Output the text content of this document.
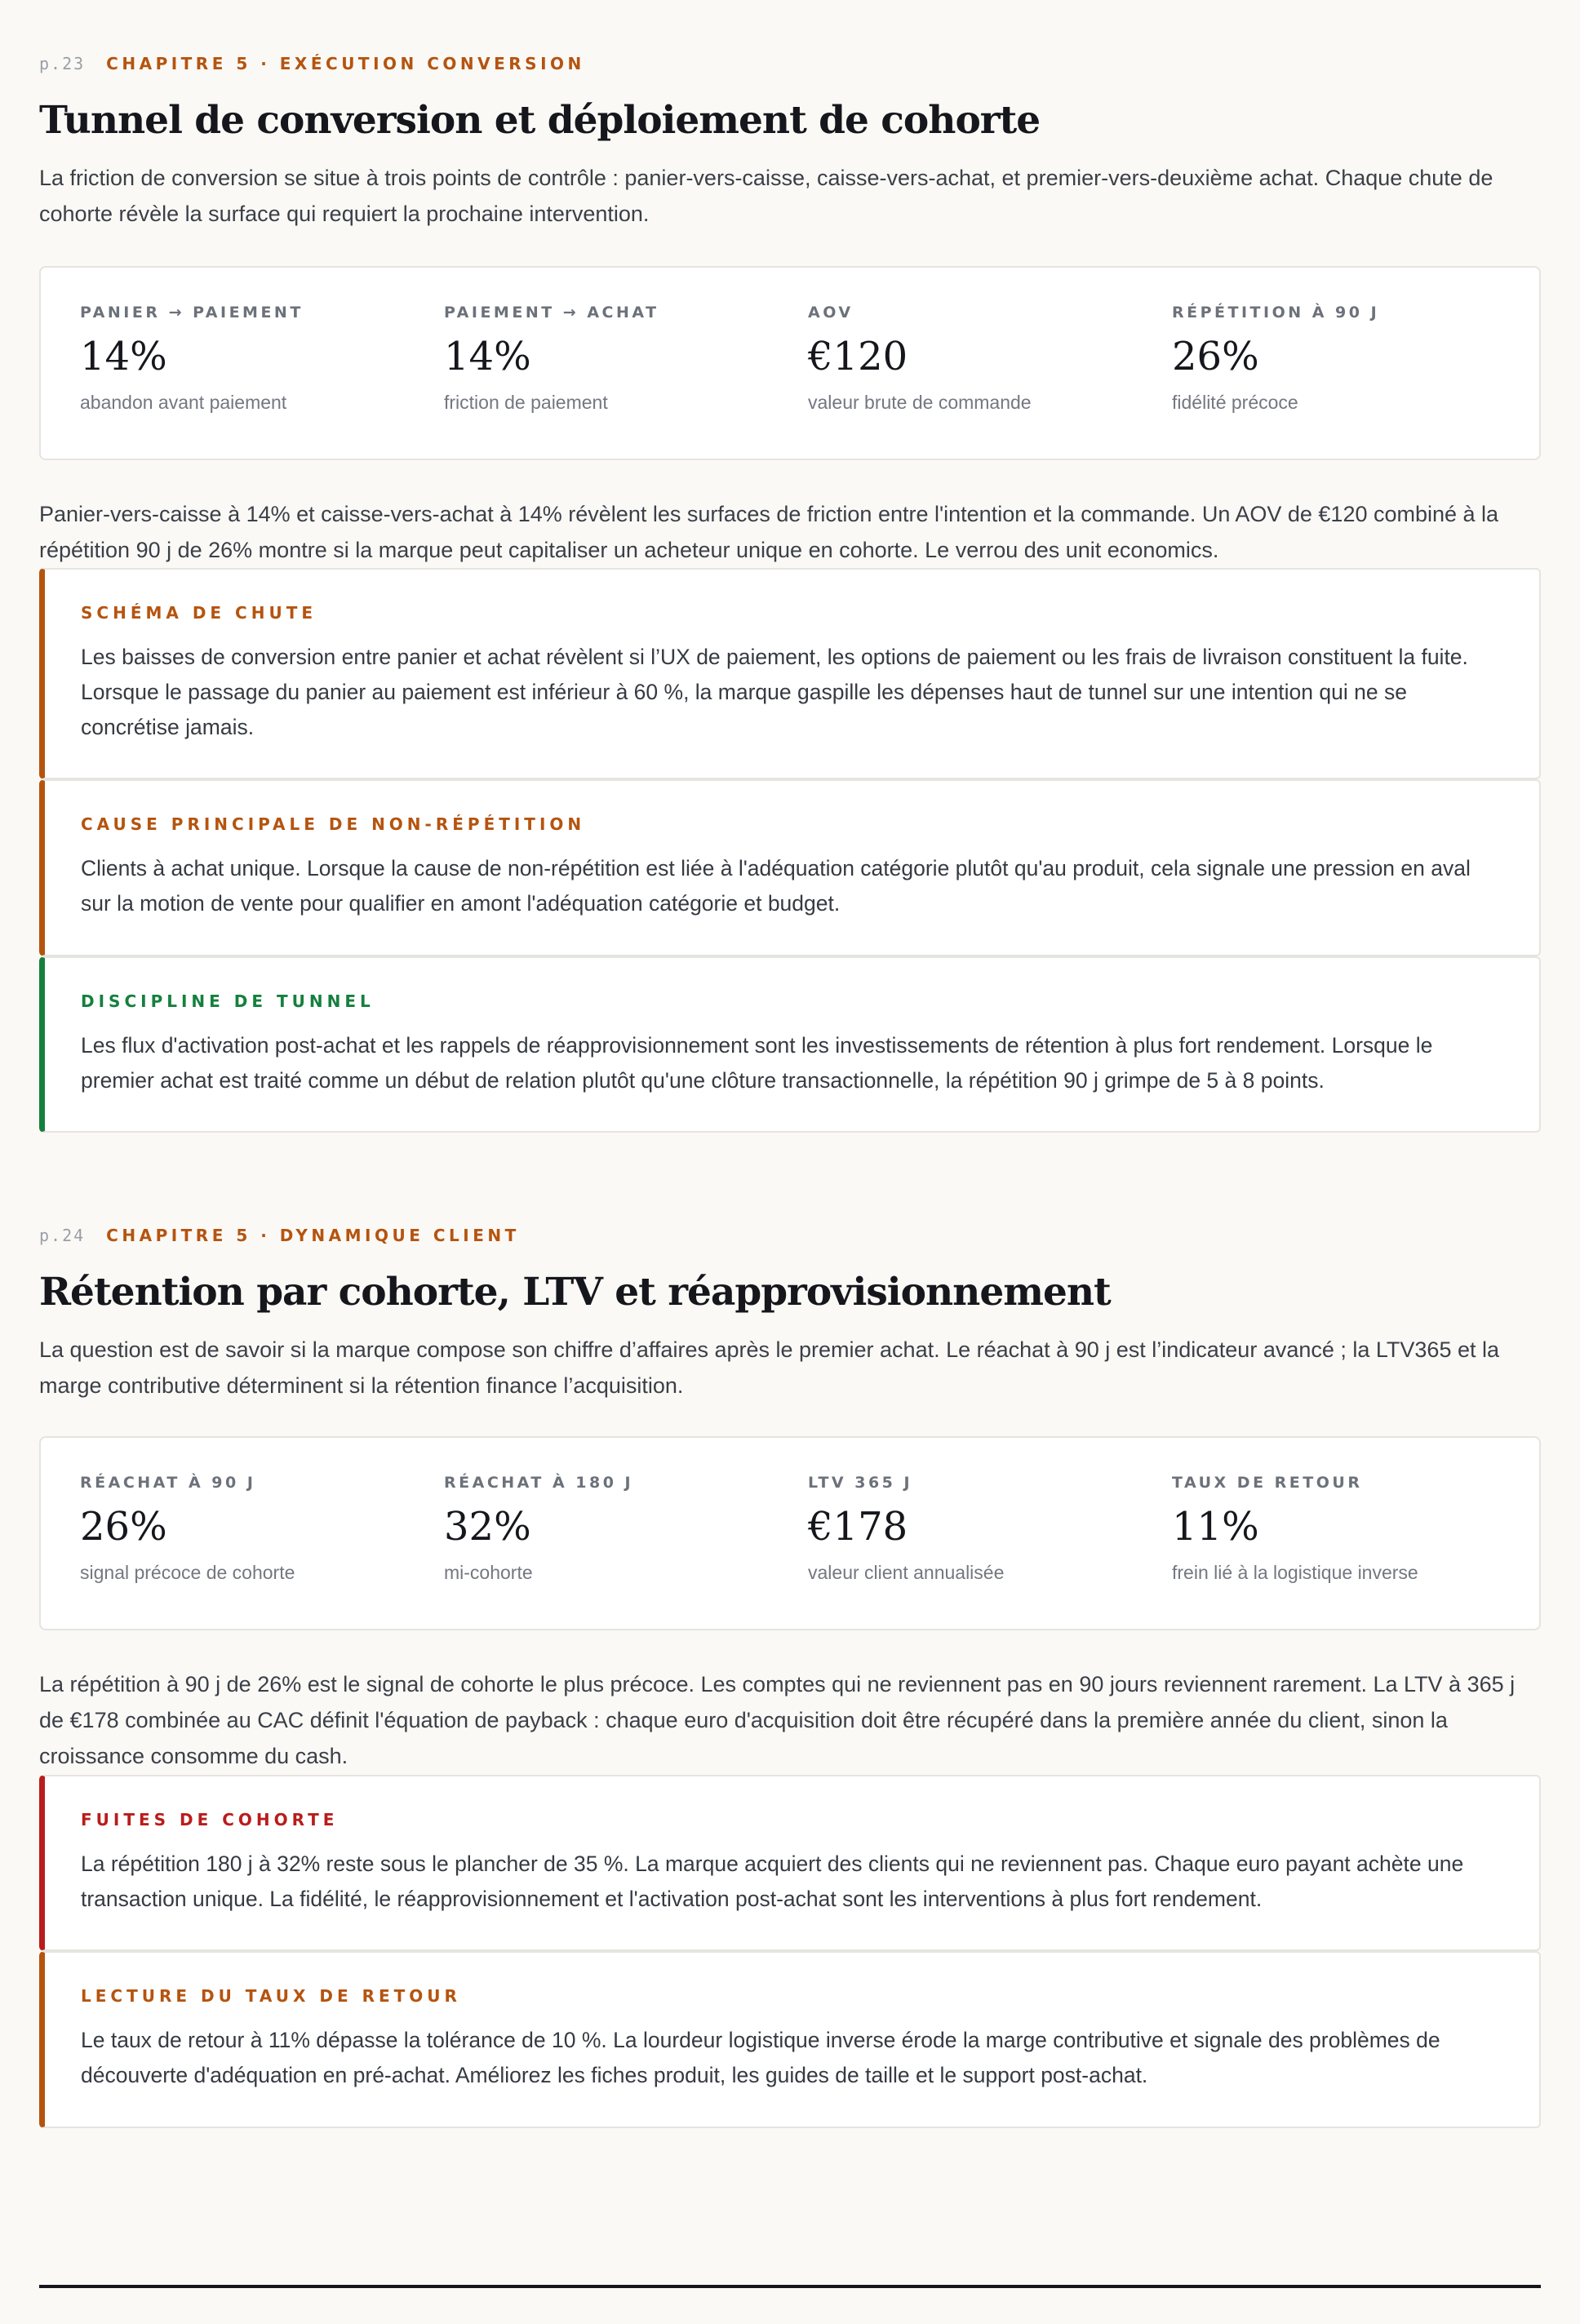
p.23 CHAPITRE 5 · EXÉCUTION CONVERSION
Tunnel de conversion et déploiement de cohorte

La friction de conversion se situe à trois points de contrôle : panier-vers-caisse, caisse-vers-achat, et premier-vers-deuxième achat. Chaque chute de cohorte révèle la surface qui requiert la prochaine intervention.

PANIER → PAIEMENT
14%
abandon avant paiement
PAIEMENT → ACHAT
14%
friction de paiement
AOV
€120
valeur brute de commande
RÉPÉTITION À 90 J
26%
fidélité précoce

Panier-vers-caisse à 14% et caisse-vers-achat à 14% révèlent les surfaces de friction entre l'intention et la commande. Un AOV de €120 combiné à la répétition 90 j de 26% montre si la marque peut capitaliser un acheteur unique en cohorte. Le verrou des unit economics.

SCHÉMA DE CHUTE
Les baisses de conversion entre panier et achat révèlent si l’UX de paiement, les options de paiement ou les frais de livraison constituent la fuite. Lorsque le passage du panier au paiement est inférieur à 60 %, la marque gaspille les dépenses haut de tunnel sur une intention qui ne se concrétise jamais.
CAUSE PRINCIPALE DE NON-RÉPÉTITION
Clients à achat unique. Lorsque la cause de non-répétition est liée à l'adéquation catégorie plutôt qu'au produit, cela signale une pression en aval sur la motion de vente pour qualifier en amont l'adéquation catégorie et budget.
DISCIPLINE DE TUNNEL
Les flux d'activation post-achat et les rappels de réapprovisionnement sont les investissements de rétention à plus fort rendement. Lorsque le premier achat est traité comme un début de relation plutôt qu'une clôture transactionnelle, la répétition 90 j grimpe de 5 à 8 points.
p.24 CHAPITRE 5 · DYNAMIQUE CLIENT
Rétention par cohorte, LTV et réapprovisionnement

La question est de savoir si la marque compose son chiffre d’affaires après le premier achat. Le réachat à 90 j est l’indicateur avancé ; la LTV365 et la marge contributive déterminent si la rétention finance l’acquisition.

RÉACHAT À 90 J
26%
signal précoce de cohorte
RÉACHAT À 180 J
32%
mi-cohorte
LTV 365 J
€178
valeur client annualisée
TAUX DE RETOUR
11%
frein lié à la logistique inverse

La répétition à 90 j de 26% est le signal de cohorte le plus précoce. Les comptes qui ne reviennent pas en 90 jours reviennent rarement. La LTV à 365 j de €178 combinée au CAC définit l'équation de payback : chaque euro d'acquisition doit être récupéré dans la première année du client, sinon la croissance consomme du cash.

FUITES DE COHORTE
La répétition 180 j à 32% reste sous le plancher de 35 %. La marque acquiert des clients qui ne reviennent pas. Chaque euro payant achète une transaction unique. La fidélité, le réapprovisionnement et l'activation post-achat sont les interventions à plus fort rendement.
LECTURE DU TAUX DE RETOUR
Le taux de retour à 11% dépasse la tolérance de 10 %. La lourdeur logistique inverse érode la marge contributive et signale des problèmes de découverte d'adéquation en pré-achat. Améliorez les fiches produit, les guides de taille et le support post-achat.
